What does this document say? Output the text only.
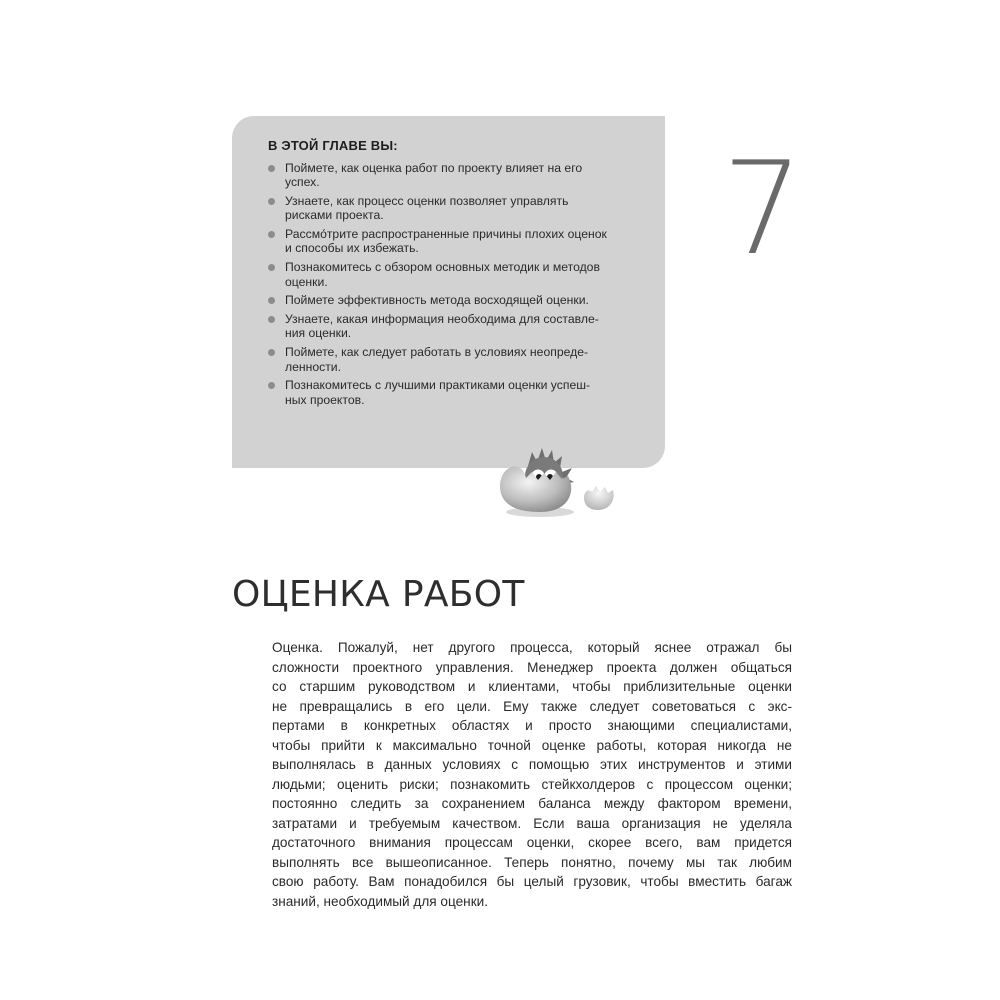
В ЭТОЙ ГЛАВЕ ВЫ:
Поймете, как оценка работ по проекту влияет на его
успех.
Узнаете, как процесс оценки позволяет управлять
рисками проекта.
Рассмо́трите распространенные причины плохих оценок
и способы их избежать.
Познакомитесь с обзором основных методик и методов
оценки.
Поймете эффективность метода восходящей оценки.
Узнаете, какая информация необходима для составле-
ния оценки.
Поймете, как следует работать в условиях неопреде-
ленности.
Познакомитесь с лучшими практиками оценки успеш-
ных проектов.
7
ОЦЕНКА РАБОТ
Оценка. Пожалуй, нет другого процесса, который яснее отражал бы
сложности проектного управления. Менеджер проекта должен общаться
со старшим руководством и клиентами, чтобы приблизительные оценки
не превращались в его цели. Ему также следует советоваться с экс-
пертами в конкретных областях и просто знающими специалистами,
чтобы прийти к максимально точной оценке работы, которая никогда не
выполнялась в данных условиях с помощью этих инструментов и этими
людьми; оценить риски; познакомить стейкхолдеров с процессом оценки;
постоянно следить за сохранением баланса между фактором времени,
затратами и требуемым качеством. Если ваша организация не уделяла
достаточного внимания процессам оценки, скорее всего, вам придется
выполнять все вышеописанное. Теперь понятно, почему мы так любим
свою работу. Вам понадобился бы целый грузовик, чтобы вместить багаж
знаний, необходимый для оценки.
